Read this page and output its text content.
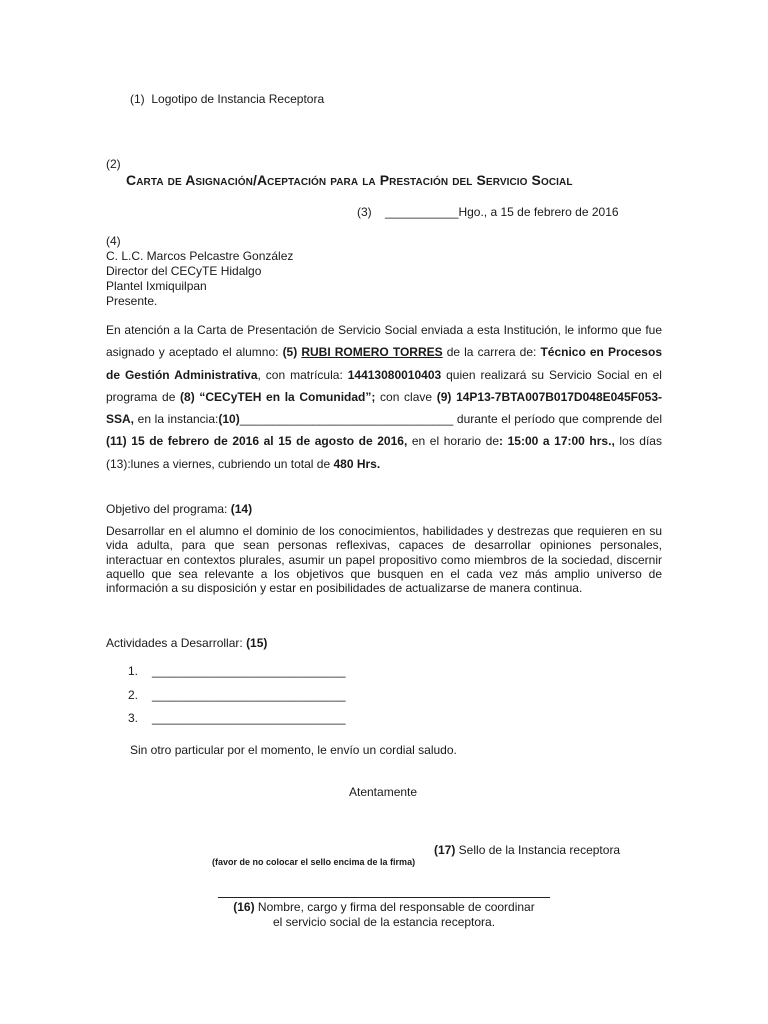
(1) Logotipo de Instancia Receptora
(2)
Carta de Asignación/Aceptación para la Prestación del Servicio Social
(3) ___________Hgo., a 15 de febrero de 2016
(4)
C. L.C. Marcos Pelcastre González
Director del CECyTE Hidalgo
Plantel Ixmiquilpan
Presente.
En atención a la Carta de Presentación de Servicio Social enviada a esta Institución, le informo que fue asignado y aceptado el alumno: (5) RUBI ROMERO TORRES de la carrera de: Técnico en Procesos de Gestión Administrativa, con matrícula: 14413080010403 quien realizará su Servicio Social en el programa de (8) “CECyTEH en la Comunidad”; con clave (9) 14P13-7BTA007B017D048E045F053-SSA, en la instancia:(10)________________________________ durante el período que comprende del (11) 15 de febrero de 2016 al 15 de agosto de 2016, en el horario de: 15:00 a 17:00 hrs., los días (13):lunes a viernes, cubriendo un total de 480 Hrs.
Objetivo del programa: (14)
Desarrollar en el alumno el dominio de los conocimientos, habilidades y destrezas que requieren en su vida adulta, para que sean personas reflexivas, capaces de desarrollar opiniones personales, interactuar en contextos plurales, asumir un papel propositivo como miembros de la sociedad, discernir aquello que sea relevante a los objetivos que busquen en el cada vez más amplio universo de información a su disposición y estar en posibilidades de actualizarse de manera continua.
Actividades a Desarrollar: (15)
1. _____________________________
2. _____________________________
3. _____________________________
Sin otro particular por el momento, le envío un cordial saludo.
Atentamente
(17) Sello de la Instancia receptora
(favor de no colocar el sello encima de la firma)
(16) Nombre, cargo y firma del responsable de coordinar
el servicio social de la estancia receptora.
